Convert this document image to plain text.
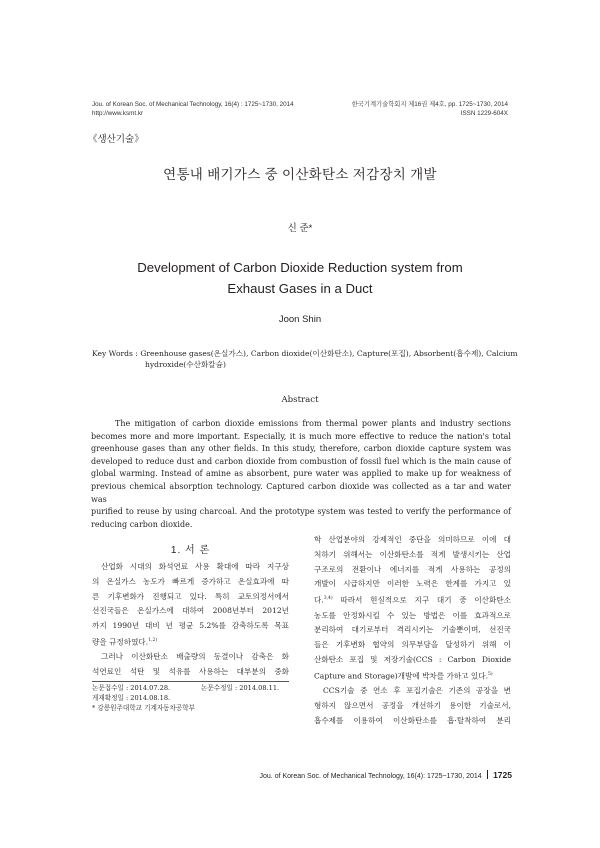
Jou. of Korean Soc. of Mechanical Technology, 16(4) : 1725~1730, 2014
http://www.ksmt.kr
한국기계기술학회지 제16권 제4호, pp. 1725~1730, 2014
ISSN 1229-604X
《생산기술》
연통내 배기가스 중 이산화탄소 저감장치 개발
신 준*
Development of Carbon Dioxide Reduction system from
Exhaust Gases in a Duct
Joon Shin
Key Words : Greenhouse gases(온실가스), Carbon dioxide(이산화탄소), Capture(포집), Absorbent(흡수제), Calcium
hydroxide(수산화칼슘)
Abstract
The mitigation of carbon dioxide emissions from thermal power plants and industry sections
becomes more and more important. Especially, it is much more effective to reduce the nation's total
greenhouse gases than any other fields. In this study, therefore, carbon dioxide capture system was
developed to reduce dust and carbon dioxide from combustion of fossil fuel which is the main cause of
global warming. Instead of amine as absorbent, pure water was applied to make up for weakness of
previous chemical absorption technology. Captured carbon dioxide was collected as a tar and water was
purified to reuse by using charcoal. And the prototype system was tested to verify the performance of
reducing carbon dioxide.
1. 서 론
산업화 시대의 화석연료 사용 확대에 따라 지구상
의 온실가스 농도가 빠르게 증가하고 온실효과에 따
른 기후변화가 진행되고 있다. 특히 교토의정서에서
선진국들은 온실가스에 대하여 2008년부터 2012년
까지 1990년 대비 년 평균 5.2%를 감축하도록 목표
량을 규정하였다.$^{1,2)}$
그러나 이산화탄소 배출량의 동결이나 감축은 화
석연료인 석탄 및 석유를 사용하는 대부분의 중화
논문접수일 : 2014.07.28.	논문수정일 : 2014.08.11.
게재확정일 : 2014.08.18.
* 강릉원주대학교 기계자동차공학부
학 산업분야의 강제적인 중단을 의미하므로 이에 대
처하기 위해서는 이산화탄소를 적게 발생시키는 산업
구조로의 전환이나 에너지를 적게 사용하는 공정의
개발이 시급하지만 이러한 노력은 한계를 가지고 있
다.$^{3,4)}$ 따라서 현실적으로 지구 대기 중 이산화탄소
농도를 안정화시킬 수 있는 방법은 이를 효과적으로
분리하여 대기로부터 격리시키는 기술뿐이며, 선진국
들은 기후변화 협약의 의무부담을 달성하기 위해 이
산화탄소 포집 및 저장기술(CCS : Carbon Dioxide
Capture and Storage)개발에 박차를 가하고 있다.$^{5)}$
CCS기술 중 연소 후 포집기술은 기존의 공장을 변
형하지 않으면서 공정을 개선하기 용이한 기술로서,
흡수제를 이용하여 이산화탄소를 흡·탈착하여 분리
Jou. of Korean Soc. of Mechanical Technology, 16(4): 1725~1730, 2014 1725
